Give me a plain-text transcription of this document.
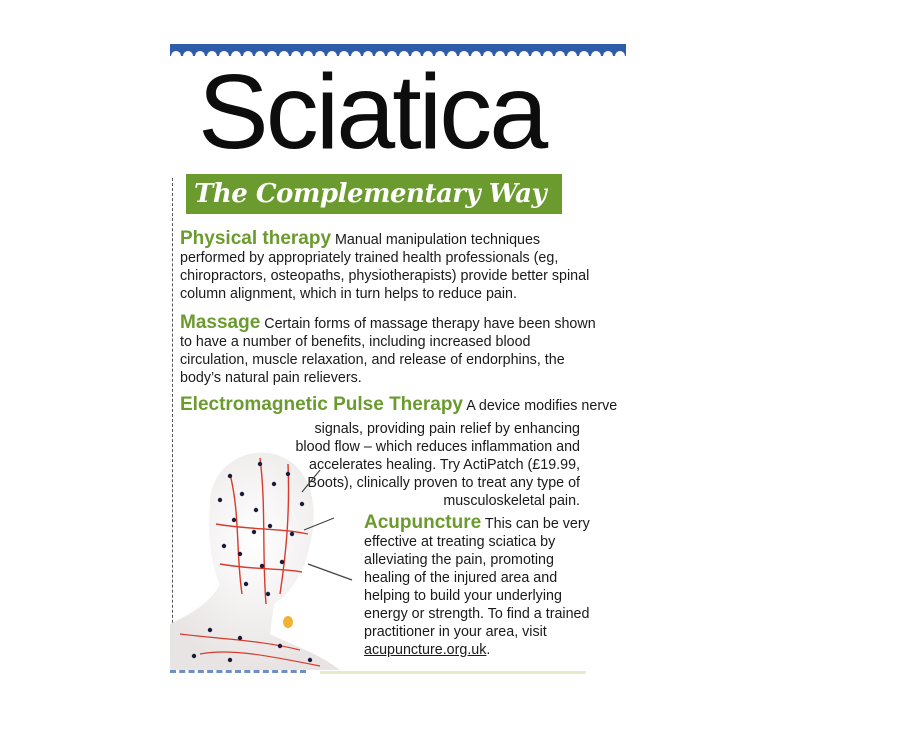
Sciatica
The Complementary Way

Physical therapy Manual manipulation techniques performed by appropriately trained health professionals (eg, chiropractors, osteopaths, physiotherapists) provide better spinal column alignment, which in turn helps to reduce pain.

Massage Certain forms of massage therapy have been shown to have a number of benefits, including increased blood circulation, muscle relaxation, and release of endorphins, the body’s natural pain relievers.

Electromagnetic Pulse Therapy A device modifies nerve

signals, providing pain relief by enhancing blood flow – which reduces inflammation and accelerates healing. Try ActiPatch (£19.99, Boots), clinically proven to treat any type of musculoskeletal pain.

Acupuncture This can be very effective at treating sciatica by alleviating the pain, promoting healing of the injured area and helping to build your underlying energy or strength. To find a trained practitioner in your area, visit acupuncture.org.uk.
